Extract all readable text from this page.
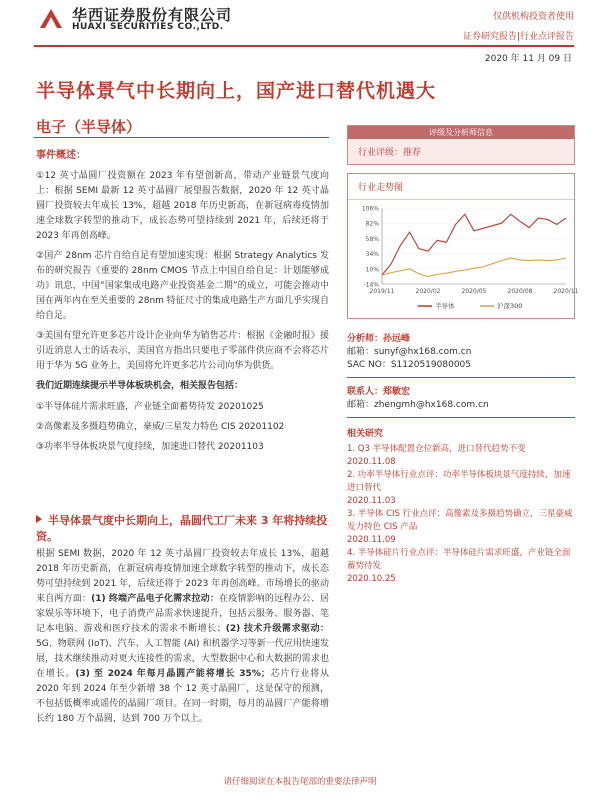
华西证券股份有限公司
HUAXI SECURITIES CO.,LTD.
仅供机构投资者使用
证券研究报告|行业点评报告
2020 年 11 月 09 日
半导体景气中长期向上，国产进口替代机遇大
电子（半导体）
事件概述：
①12 英寸晶圆厂投资额在 2023 年有望创新高，带动产业链景气度向上：根据 SEMI 最新 12 英寸晶圆厂展望报告数据，2020 年 12 英寸晶圆厂投资较去年成长 13%，超越 2018 年历史新高，在新冠病毒疫情加速全球数字转型的推动下，成长态势可望持续到 2021 年，后续还将于 2023 年再创高峰。
②国产 28nm 芯片自给自足有望加速实现：根据 Strategy Analytics 发布的研究报告《重要的 28nm CMOS 节点上中国自给自足：计划能够成功》讯息，中国“国家集成电路产业投资基金二期”的成立，可能会推动中国在两年内在至关重要的 28nm 特征尺寸的集成电路生产方面几乎实现自给自足。
③美国有望允许更多芯片设计企业向华为销售芯片：根据《金融时报》援引近消息人士的话表示，美国官方指出只要电子零部件供应商不会将芯片用于华为 5G 业务上，美国将允许更多芯片公司向华为供货。
我们近期连续提示半导体板块机会，相关报告包括：
①半导体硅片需求旺盛，产业链全面蓄势待发 20201025
②高像素及多摄趋势确立，豪威/三星发力特色 CIS 20201102
③功率半导体板块景气度持续，加速进口替代 20201103
半导体景气度中长期向上，晶圆代工厂未来 3 年将持续投资。
根据 SEMI 数据，2020 年 12 英寸晶圆厂投资较去年成长 13%，超越 2018 年历史新高，在新冠病毒疫情加速全球数字转型的推动下，成长态势可望持续到 2021 年，后续还将于 2023 年再创高峰。市场增长的驱动来自两方面：(1) 终端产品电子化需求拉动：在疫情影响的远程办公、居家娱乐等环境下，电子消费产品需求快速提升，包括云服务、服务器、笔记本电脑、游戏和医疗技术的需求不断增长；(2) 技术升级需求驱动：5G、物联网 (IoT)、汽车、人工智能 (AI) 和机器学习等新一代应用快速发展，技术继续推动对更大连接性的需求，大型数据中心和大数据的需求也在增长。(3) 至 2024 年每月晶圆产能将增长 35%；芯片行业将从 2020 年到 2024 年至少新增 38 个 12 英寸晶圆厂，这是保守的预测，不包括低概率或谣传的晶圆厂项目。在同一时期，每月的晶圆厂产能将增长约 180 万个晶圆，达到 700 万个以上。
评级及分析师信息
行业评级：推荐
行业走势图
-14%
10%
34%
58%
82%
106%
2019/11	2020/02	2020/05	2020/08	2020/11
半导体	沪深300
分析师：孙远峰
邮箱：sunyf@hx168.com.cn
SAC NO：S1120519080005
联系人：郑敏宏
邮箱：zhengmh@hx168.com.cn
相关研究
1. Q3 半导体配置仓位新高，进口替代趋势不变
2020.11.08
2. 功率半导体行业点评：功率半导体板块景气度持续，加速进口替代
2020.11.03
3. 半导体 CIS 行业点评：高像素及多摄趋势确立，三星豪威发力特色 CIS 产品
2020.11.09
4. 半导体硅片行业点评：半导体硅片需求旺盛，产业链全面蓄势待发
2020.10.25
请仔细阅读在本报告尾部的重要法律声明
